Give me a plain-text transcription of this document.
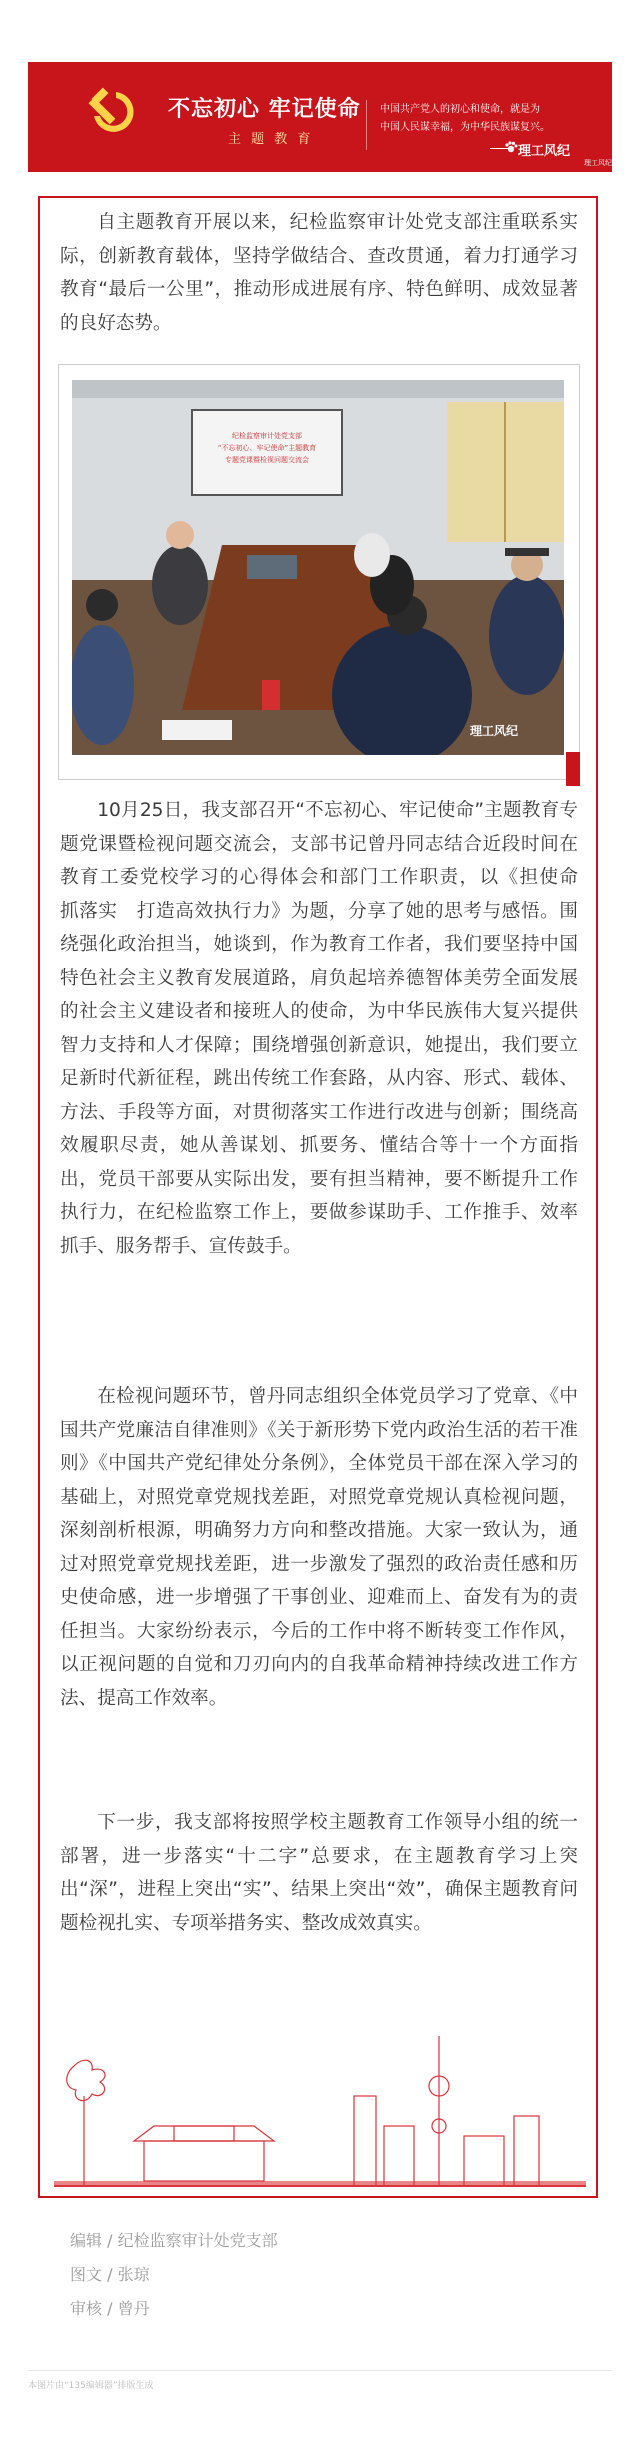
不忘初心 牢记使命
主 题 教 育
中国共产党人的初心和使命，就是为
中国人民谋幸福，为中华民族谋复兴。
理工风纪
理工风纪

自主题教育开展以来，纪检监察审计处党支部注重联系实际，创新教育载体，坚持学做结合、查改贯通，着力打通学习教育“最后一公里”，推动形成进展有序、特色鲜明、成效显著的良好态势。

纪检监察审计处党支部
“不忘初心、牢记使命”主题教育
专题党课暨检视问题交流会
理工风纪

10月25日，我支部召开“不忘初心、牢记使命”主题教育专题党课暨检视问题交流会，支部书记曾丹同志结合近段时间在教育工委党校学习的心得体会和部门工作职责，以《担使命　抓落实　打造高效执行力》为题，分享了她的思考与感悟。围绕强化政治担当，她谈到，作为教育工作者，我们要坚持中国特色社会主义教育发展道路，肩负起培养德智体美劳全面发展的社会主义建设者和接班人的使命，为中华民族伟大复兴提供智力支持和人才保障；围绕增强创新意识，她提出，我们要立足新时代新征程，跳出传统工作套路，从内容、形式、载体、方法、手段等方面，对贯彻落实工作进行改进与创新；围绕高效履职尽责，她从善谋划、抓要务、懂结合等十一个方面指出，党员干部要从实际出发，要有担当精神，要不断提升工作执行力，在纪检监察工作上，要做参谋助手、工作推手、效率抓手、服务帮手、宣传鼓手。

在检视问题环节，曾丹同志组织全体党员学习了党章、《中国共产党廉洁自律准则》《关于新形势下党内政治生活的若干准则》《中国共产党纪律处分条例》，全体党员干部在深入学习的基础上，对照党章党规找差距，对照党章党规认真检视问题，深刻剖析根源，明确努力方向和整改措施。大家一致认为，通过对照党章党规找差距，进一步激发了强烈的政治责任感和历史使命感，进一步增强了干事创业、迎难而上、奋发有为的责任担当。大家纷纷表示，今后的工作中将不断转变工作作风，以正视问题的自觉和刀刃向内的自我革命精神持续改进工作方法、提高工作效率。

下一步，我支部将按照学校主题教育工作领导小组的统一部署，进一步落实“十二字”总要求，在主题教育学习上突出“深”，进程上突出“实”、结果上突出“效”，确保主题教育问题检视扎实、专项举措务实、整改成效真实。

编辑 / 纪检监察审计处党支部
图文 / 张琼
审核 / 曾丹
本图片由“135编辑器”排版生成
